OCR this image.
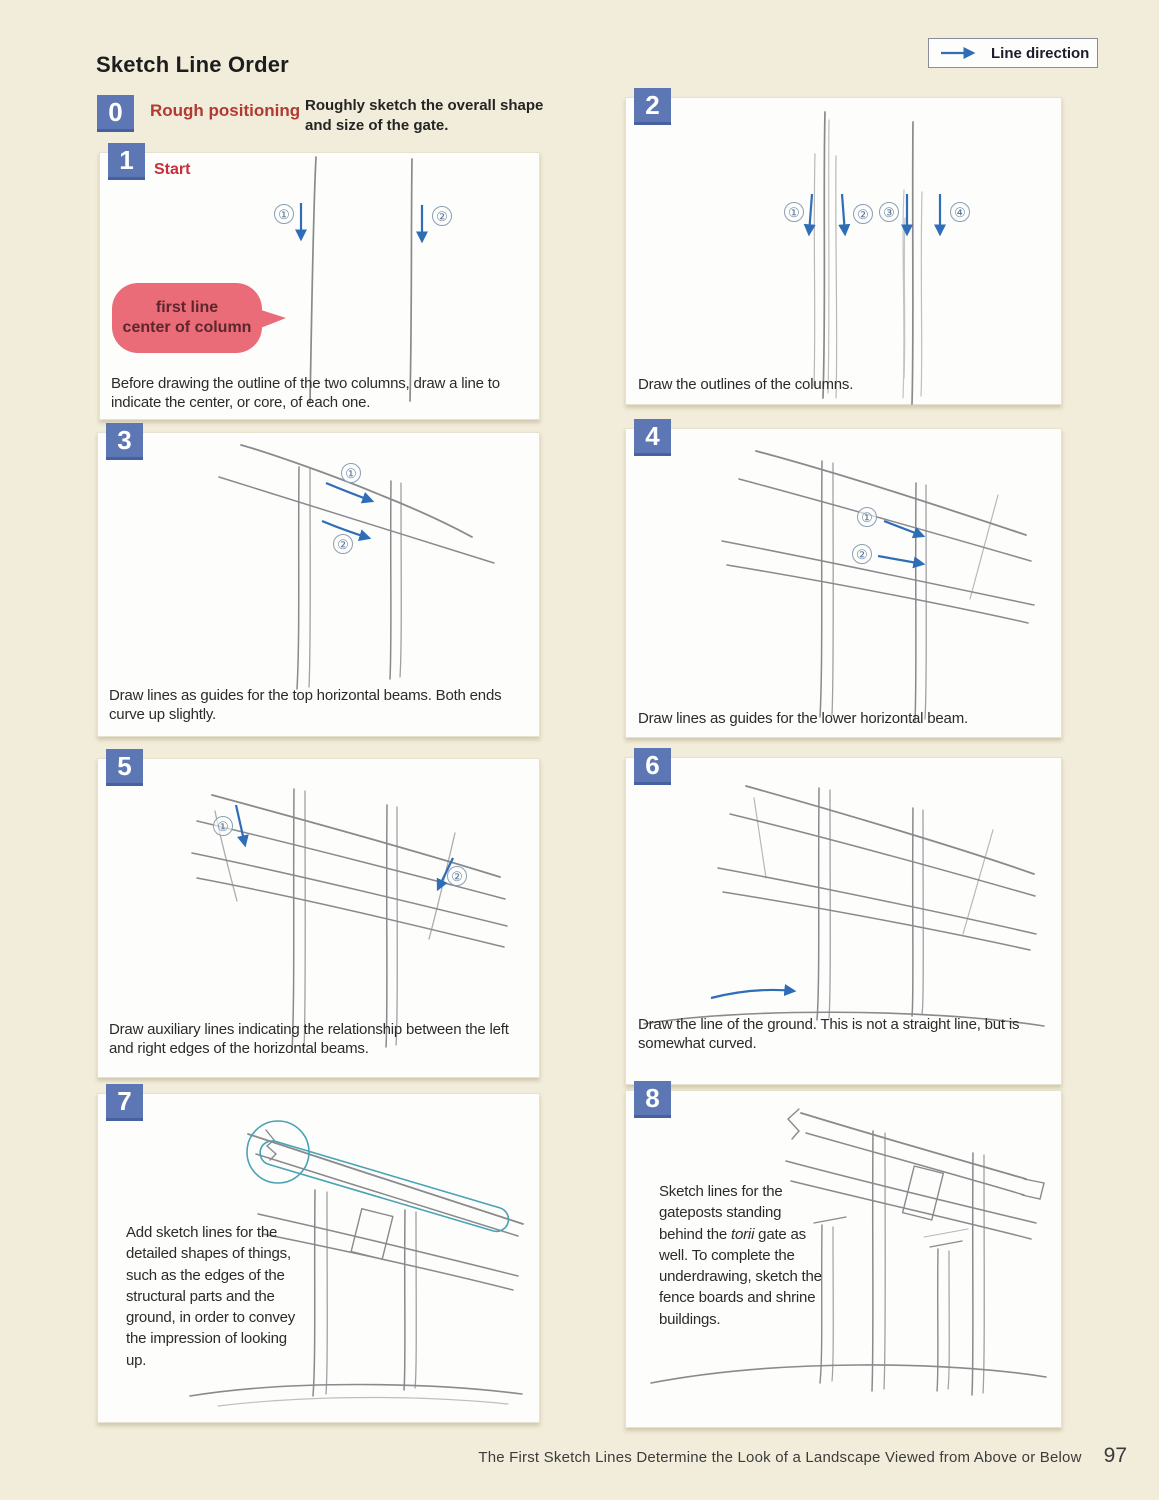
Sketch Line Order	Line direction
0	Rough positioning Roughly sketch the overall shape and size of the gate.
1	Start
①	②
first line
center of column
Before drawing the outline of the two columns, draw a line to indicate the center, or core, of each one.
2
①	②	③	④
Draw the outlines of the columns.
3
①
②
Draw lines as guides for the top horizontal beams. Both ends curve up slightly.
4
①
②
Draw lines as guides for the lower horizontal beam.
5
①
②
Draw auxiliary lines indicating the relationship between the left and right edges of the horizontal beams.
6
Draw the line of the ground. This is not a straight line, but is somewhat curved.
7
Add sketch lines for the detailed shapes of things, such as the edges of the structural parts and the ground, in order to convey the impression of looking up.
8
Sketch lines for the gateposts standing behind the torii gate as well. To complete the underdrawing, sketch the fence boards and shrine buildings.
The First Sketch Lines Determine the Look of a Landscape Viewed from Above or Below 97
